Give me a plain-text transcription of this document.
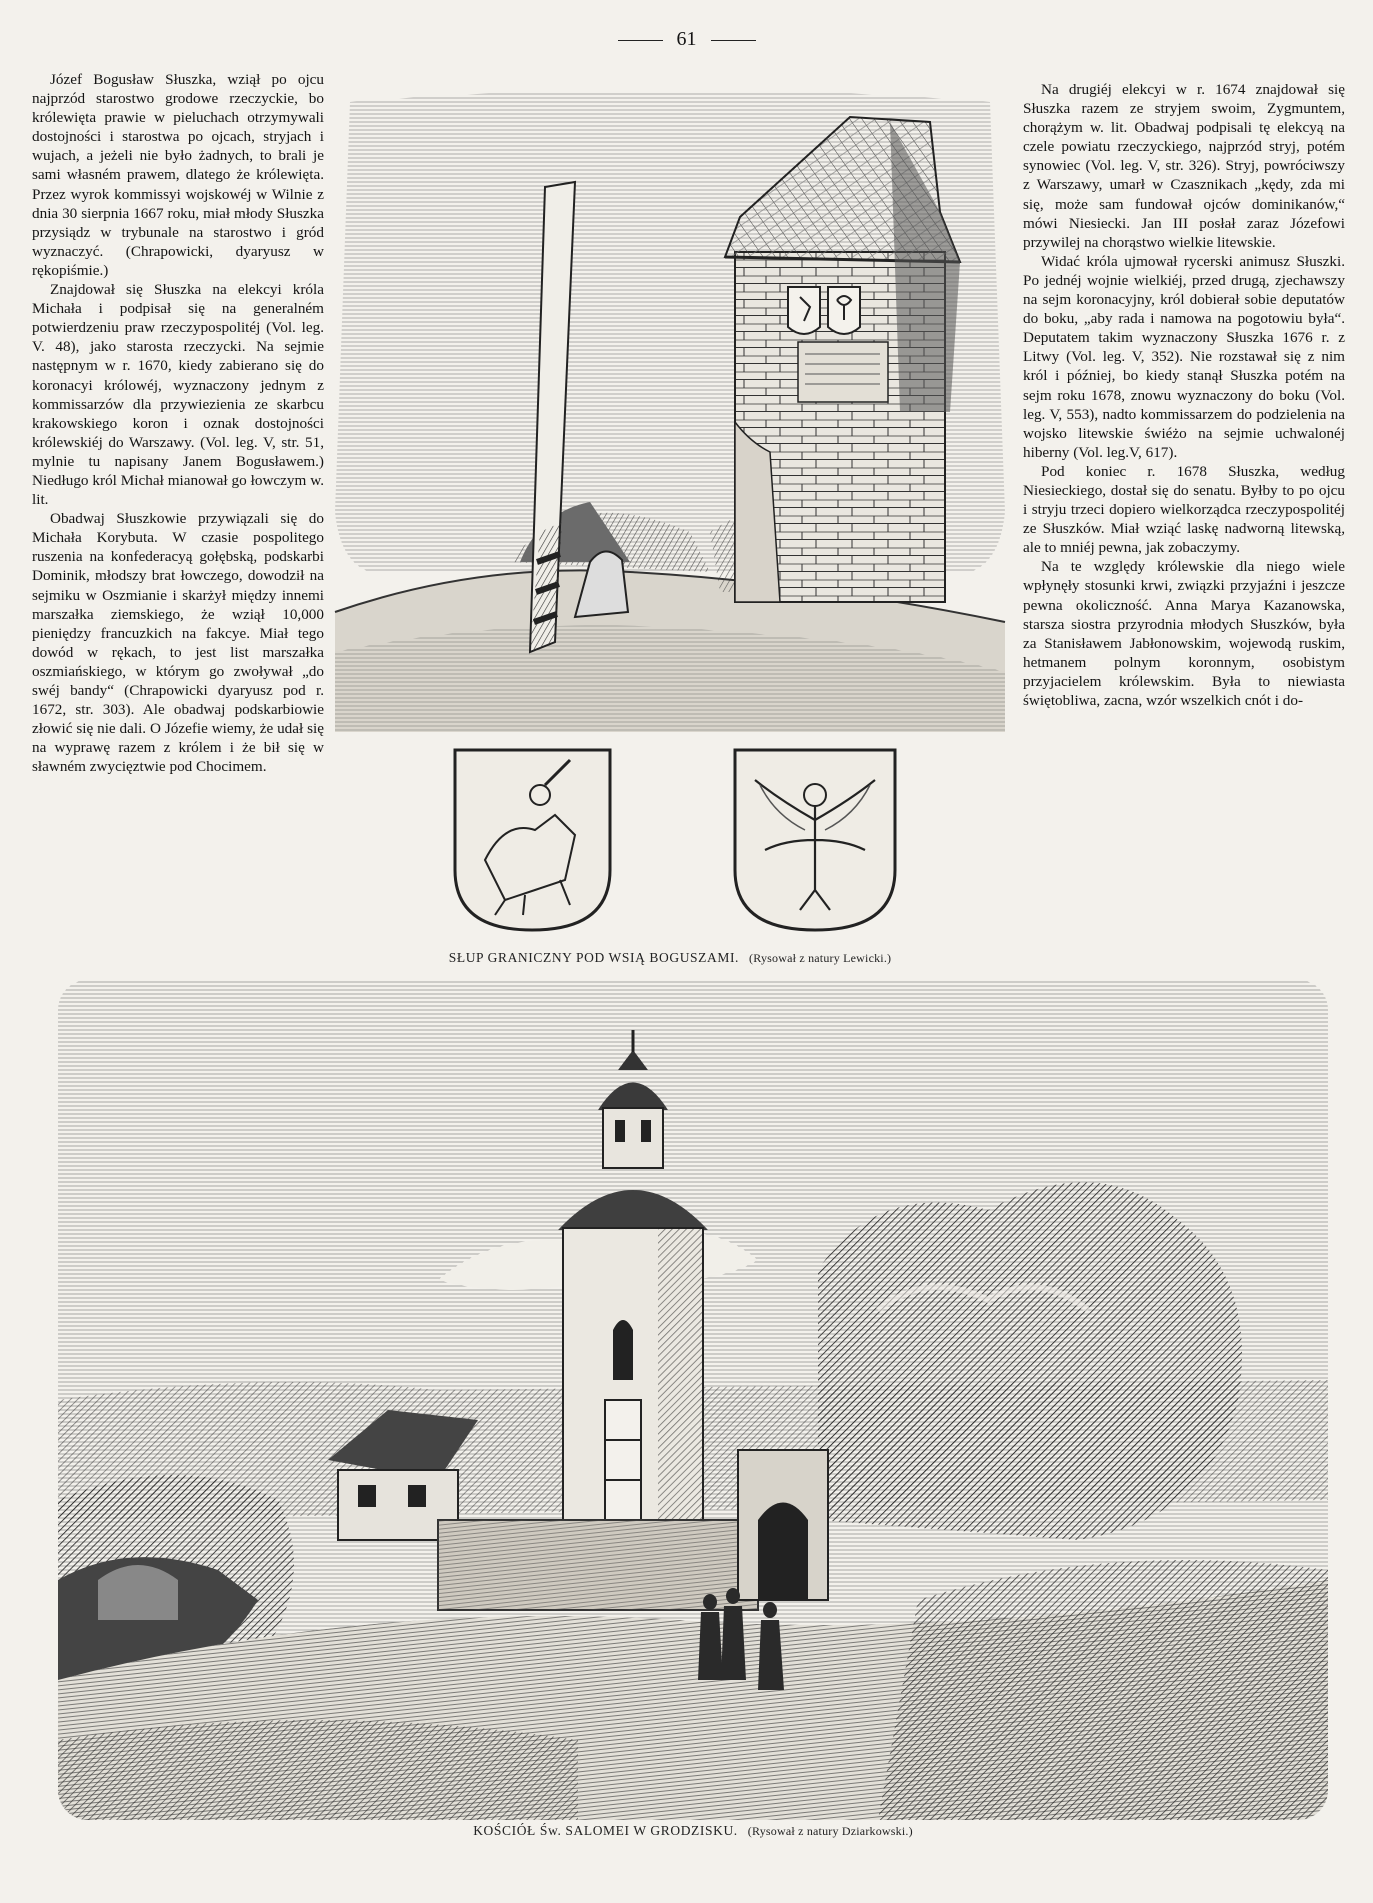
61

Józef Bogusław Słuszka, wziął po ojcu najprzód starostwo grodowe rzeczyckie, bo królewięta prawie w pieluchach otrzymywali dostojności i starostwa po ojcach, stryjach i wujach, a jeżeli nie było żadnych, to brali je sami własném prawem, dlatego że królewięta. Przez wyrok kommissyi wojskowéj w Wilnie z dnia 30 sierpnia 1667 roku, miał młody Słuszka przysiądz w trybunale na starostwo i gród wyznaczyć. (Chrapowicki, dyaryusz w rękopiśmie.)

Znajdował się Słuszka na elekcyi króla Michała i podpisał się na generalném potwierdzeniu praw rzeczypospolitéj (Vol. leg. V. 48), jako starosta rzeczycki. Na sejmie następnym w r. 1670, kiedy zabierano się do koronacyi królowéj, wyznaczony jednym z kommissarzów dla przywiezienia ze skarbcu krakowskiego koron i oznak dostojności królewskiéj do Warszawy. (Vol. leg. V, str. 51, mylnie tu napisany Janem Bogusławem.) Niedługo król Michał mianował go łowczym w. lit.

Obadwaj Słuszkowie przywiązali się do Michała Korybuta. W czasie pospolitego ruszenia na konfederacyą gołębską, podskarbi Dominik, młodszy brat łowczego, dowodził na sejmiku w Oszmianie i skarżył między innemi marszałka ziemskiego, że wziął 10,000 pieniędzy francuzkich na fakcye. Miał tego dowód w rękach, to jest list marszałka oszmiańskiego, w którym go zwoływał „do swéj bandy“ (Chrapowicki dyaryusz pod r. 1672, str. 303). Ale obadwaj podskarbiowie złowić się nie dali. O Józefie wiemy, że udał się na wyprawę razem z królem i że bił się w sławném zwycięztwie pod Chocimem.

Na drugiéj elekcyi w r. 1674 znajdował się Słuszka razem ze stryjem swoim, Zygmuntem, chorążym w. lit. Obadwaj podpisali tę elekcyą na czele powiatu rzeczyckiego, najprzód stryj, potém synowiec (Vol. leg. V, str. 326). Stryj, powróciwszy z Warszawy, umarł w Czasznikach „kędy, zda mi się, może sam fundował ojców dominikanów,“ mówi Niesiecki. Jan III posłał zaraz Józefowi przywilej na chorąstwo wielkie litewskie.

Widać króla ujmował rycerski animusz Słuszki. Po jednéj wojnie wielkiéj, przed drugą, zjechawszy na sejm koronacyjny, król dobierał sobie deputatów do boku, „aby rada i namowa na pogotowiu była“. Deputatem takim wyznaczony Słuszka 1676 r. z Litwy (Vol. leg. V, 352). Nie rozstawał się z nim król i później, bo kiedy stanął Słuszka potém na sejm roku 1678, znowu wyznaczony do boku (Vol. leg. V, 553), nadto kommissarzem do podzielenia na wojsko litewskie świéżo na sejmie uchwalonéj hiberny (Vol. leg.V, 617).

Pod koniec r. 1678 Słuszka, według Niesieckiego, dostał się do senatu. Byłby to po ojcu i stryju trzeci dopiero wielkorządca rzeczypospolitéj ze Słuszków. Miał wziąć laskę nadworną litewską, ale to mniéj pewna, jak zobaczymy.

Na te względy królewskie dla niego wiele wpłynęły stosunki krwi, związki przyjaźni i jeszcze pewna okoliczność. Anna Marya Kazanowska, starsza siostra przyrodnia młodych Słuszków, była za Stanisławem Jabłonowskim, wojewodą ruskim, hetmanem polnym koronnym, osobistym przyjacielem królewskim. Była to niewiasta świętobliwa, zacna, wzór wszelkich cnót i do-

SŁUP GRANICZNY POD WSIĄ BOGUSZAMI. (Rysował z natury Lewicki.)
KOŚCIÓŁ Św. SALOMEI W GRODZISKU. (Rysował z natury Dziarkowski.)
